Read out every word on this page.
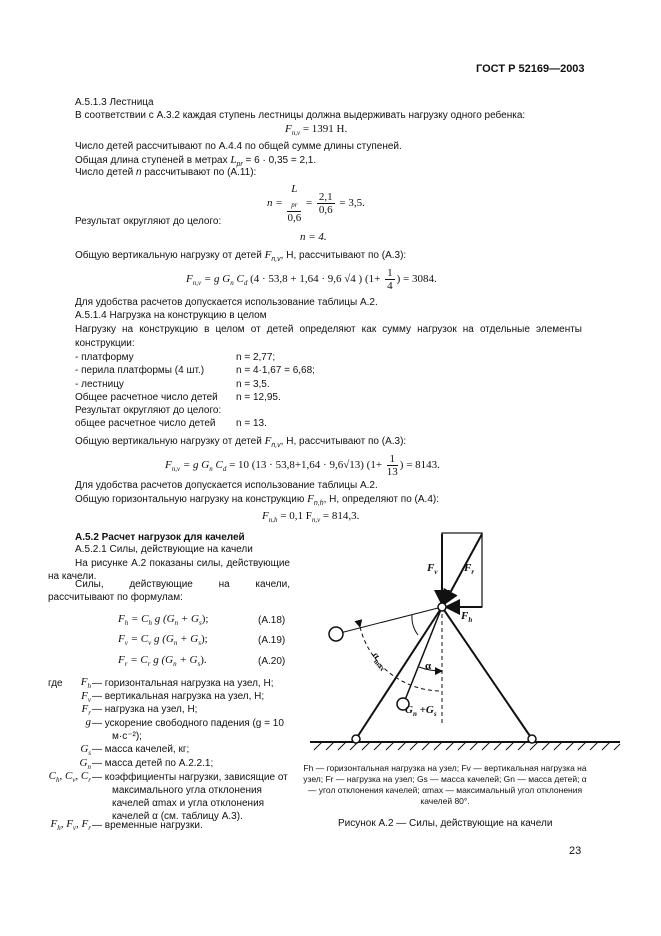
ГОСТ Р 52169—2003
А.5.1.3 Лестница
В соответствии с А.3.2 каждая ступень лестницы должна выдерживать нагрузку одного ребенка:
$F_{n,v} = 1391$ Н.
Число детей рассчитывают по А.4.4 по общей сумме длины ступеней.
Общая длина ступеней в метрах $L_{pr} = 6 \cdot 0,35 = 2,1$.
Число детей n рассчитывают по (А.11):
n = L
$_{pr}$
$0,6 = \frac{2,1}{0,6} = 3,5$.
Результат округляют до целого:
n = 4.
Общую вертикальную нагрузку от детей $F_{n,v}$, Н, рассчитывают по (А.3):
$F_{n,v} = g$ $G_n$ $C_d$ (4 · 53,8 + 1,64 · 9,6 √4 ) ($1+ \frac{1}{4}$ ) = 3084.
Для удобства расчетов допускается использование таблицы А.2.
А.5.1.4 Нагрузка на конструкцию в целом
Нагрузку на конструкцию в целом от детей определяют как сумму нагрузок на отдельные элементы конструкции:
- платформу	n = 2,77;
- перила платформы (4 шт.)	n = 4·1,67 = 6,68;
- лестницу	n = 3,5.
Общее расчетное число детей n = 12,95.
Результат округляют до целого:
общее расчетное число детей n = 13.
Общую вертикальную нагрузку от детей $F_{n,v}$, Н, рассчитывают по (А.3):
$F_{n,v} = g$ $G_n$ $C_d = 10$ (13 · 53,8+1,64 · 9,6√13) ($1+ \frac{1}{13}$ ) = 8143.
Для удобства расчетов допускается использование таблицы А.2.
Общую горизонтальную нагрузку на конструкцию $F_{n,h}$, Н, определяют по (А.4):
$F_{n,h} = 0,1$ $F_{n,v} = 814,3$.
А.5.2 Расчет нагрузок для качелей
А.5.2.1 Силы, действующие на качели
На рисунке А.2 показаны силы, действующие на качели.
Силы, действующие на качели, рассчитывают по формулам:
$F_h = C_h$ g $(G_n + G_s)$;	(А.18)
$F_v = C_v$ g $(G_n + G_s)$;	(А.19)
$F_r = C_r$ g $(G_n + G_s)$.	(А.20)
где	$F_h$ — горизонтальная нагрузка на узел, Н;
$F_v$ — вертикальная нагрузка на узел, Н;
$F_r$ — нагрузка на узел, Н;
g — ускорение свободного падения (g = 10 м·с⁻²);
$G_s$ — масса качелей, кг;
$G_n$ — масса детей по А.2.2.1;
$C_h$, $C_v$, $C_r$ — коэффициенты нагрузки, зависящие от максимального угла отклонения качелей αmax и угла отклонения качелей α (см. таблицу А.3).
$F_h$, $F_v$, $F_r$ — временные нагрузки.
$F_v$ $F_r$
$F_h$
$\alpha_{max}$	α
$G_n +G_s$
Fh — горизонтальная нагрузка на узел; Fv — вертикальная нагрузка на узел; Fr — нагрузка на узел; Gs — масса качелей; Gn — масса детей; α — угол отклонения качелей; αmax — максимальный угол отклонения качелей 80°.
Рисунок А.2 — Силы, действующие на качели
23
